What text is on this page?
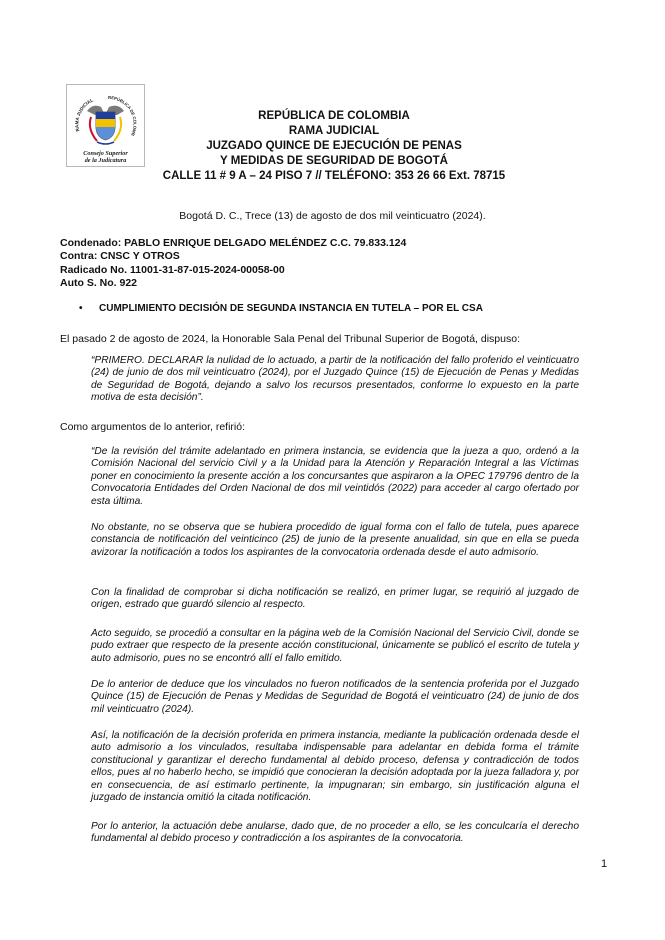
RAMA JUDICIAL	REPÚBLICA DE COLOMB
Consejo Superior
de la Judicatura
REPÚBLICA DE COLOMBIA
RAMA JUDICIAL
JUZGADO QUINCE DE EJECUCIÓN DE PENAS
Y MEDIDAS DE SEGURIDAD DE BOGOTÁ
CALLE 11 # 9 A – 24 PISO 7 // TELÉFONO: 353 26 66 Ext. 78715
Bogotá D. C., Trece (13) de agosto de dos mil veinticuatro (2024).
Condenado: PABLO ENRIQUE DELGADO MELÉNDEZ C.C. 79.833.124
Contra: CNSC Y OTROS
Radicado No. 11001-31-87-015-2024-00058-00
Auto S. No. 922
• CUMPLIMIENTO DECISIÓN DE SEGUNDA INSTANCIA EN TUTELA – POR EL CSA
El pasado 2 de agosto de 2024, la Honorable Sala Penal del Tribunal Superior de Bogotá, dispuso:
“PRIMERO. DECLARAR la nulidad de lo actuado, a partir de la notificación del fallo proferido el veinticuatro (24) de junio de dos mil veinticuatro (2024), por el Juzgado Quince (15) de Ejecución de Penas y Medidas de Seguridad de Bogotá, dejando a salvo los recursos presentados, conforme lo expuesto en la parte motiva de esta decisión”.
Como argumentos de lo anterior, refirió:
“De la revisión del trámite adelantado en primera instancia, se evidencia que la jueza a quo, ordenó a la Comisión Nacional del servicio Civil y a la Unidad para la Atención y Reparación Integral a las Víctimas poner en conocimiento la presente acción a los concursantes que aspiraron a la OPEC 179796 dentro de la Convocatoria Entidades del Orden Nacional de dos mil veintidós (2022) para acceder al cargo ofertado por esta última.
No obstante, no se observa que se hubiera procedido de igual forma con el fallo de tutela, pues aparece constancia de notificación del veinticinco (25) de junio de la presente anualidad, sin que en ella se pueda avizorar la notificación a todos los aspirantes de la convocatoria ordenada desde el auto admisorio.
Con la finalidad de comprobar si dicha notificación se realizó, en primer lugar, se requirió al juzgado de origen, estrado que guardó silencio al respecto.
Acto seguido, se procedió a consultar en la página web de la Comisión Nacional del Servicio Civil, donde se pudo extraer que respecto de la presente acción constitucional, únicamente se publicó el escrito de tutela y auto admisorio, pues no se encontró allí el fallo emitido.
De lo anterior de deduce que los vinculados no fueron notificados de la sentencia proferida por el Juzgado Quince (15) de Ejecución de Penas y Medidas de Seguridad de Bogotá el veinticuatro (24) de junio de dos mil veinticuatro (2024).
Así, la notificación de la decisión proferida en primera instancia, mediante la publicación ordenada desde el auto admisorio a los vinculados, resultaba indispensable para adelantar en debida forma el trámite constitucional y garantizar el derecho fundamental al debido proceso, defensa y contradicción de todos ellos, pues al no haberlo hecho, se impidió que conocieran la decisión adoptada por la jueza falladora y, por en consecuencia, de así estimarlo pertinente, la impugnaran; sin embargo, sin justificación alguna el juzgado de instancia omitió la citada notificación.
Por lo anterior, la actuación debe anularse, dado que, de no proceder a ello, se les conculcaría el derecho fundamental al debido proceso y contradicción a los aspirantes de la convocatoria.
1
